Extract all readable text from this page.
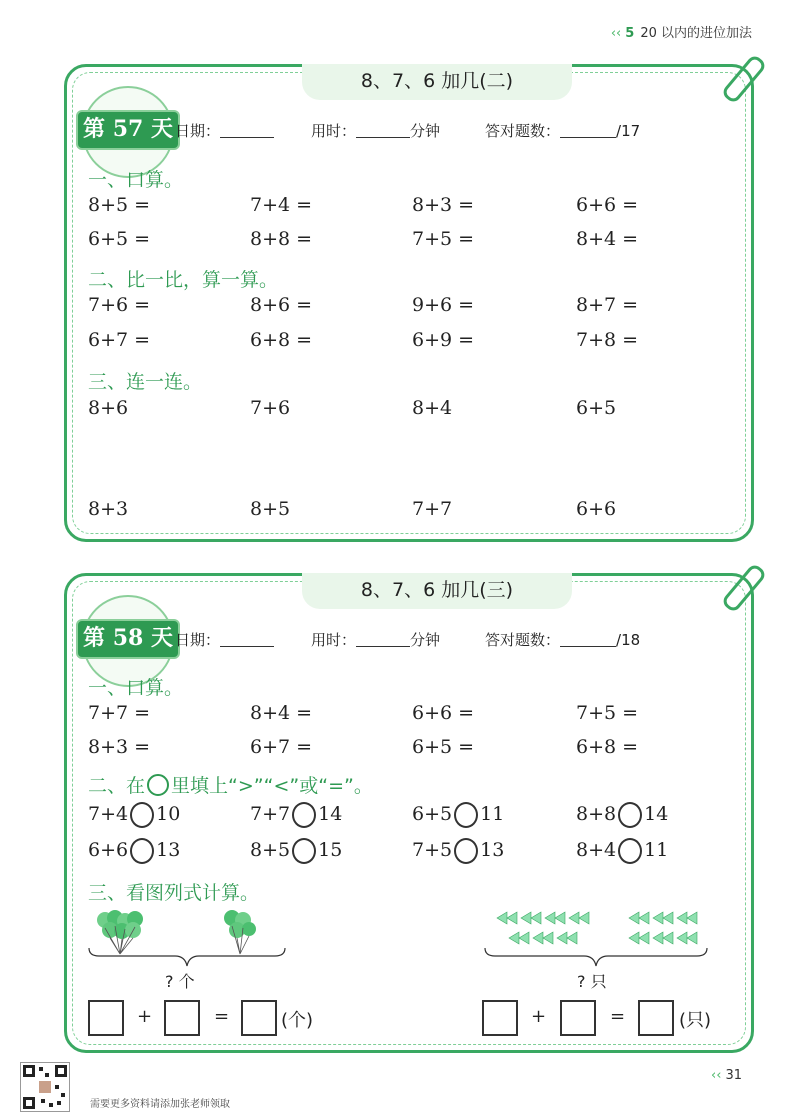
‹‹ 5 20 以内的进位加法
8、7、6 加几(二)
第 57 天 日期：	用时：	分钟	答对题数：	/17
一、口算。
8+5 =	7+4 =	8+3 =	6+6 =
6+5 =	8+8 =	7+5 =	8+4 =
二、比一比，算一算。
7+6 =	8+6 =	9+6 =	8+7 =
6+7 =	6+8 =	6+9 =	7+8 =
三、连一连。
8+6	7+6	8+4	6+5
8+3	8+5	7+7	6+6
8、7、6 加几(三)
第 58 天 日期：	用时：	分钟	答对题数：	/18
一、口算。
7+7 =	8+4 =	6+6 =	7+5 =
8+3 =	6+7 =	6+5 =	6+8 =
二、在 里填上“>”“<”或“=”。
7+4 10	7+7 14	6+5 11	8+8 14
6+6 13	8+5 15	7+5 13	8+4 11
三、看图列式计算。
? 个	? 只
+	=	(个)	+	=	(只)
需要更多资料请添加张老师领取
‹‹ 31
